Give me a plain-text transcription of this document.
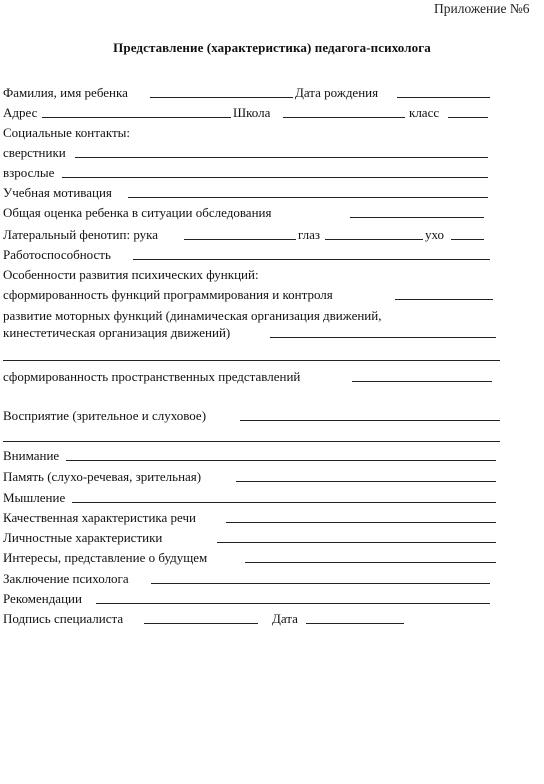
Приложение №6
Представление (характеристика) педагога-психолога
Фамилия, имя ребенка	Дата рождения
Адрес	Школа	класс
Социальные контакты:
сверстники
взрослые
Учебная мотивация
Общая оценка ребенка в ситуации обследования
Латеральный фенотип: рука	глаз	ухо
Работоспособность
Особенности развития психических функций:
сформированность функций программирования и контроля
развитие моторных функций (динамическая организация движений,
кинестетическая организация движений)
сформированность пространственных представлений
Восприятие (зрительное и слуховое)
Внимание
Память (слухо-речевая, зрительная)
Мышление
Качественная характеристика речи
Личностные характеристики
Интересы, представление о будущем
Заключение психолога
Рекомендации
Подпись специалиста	Дата
